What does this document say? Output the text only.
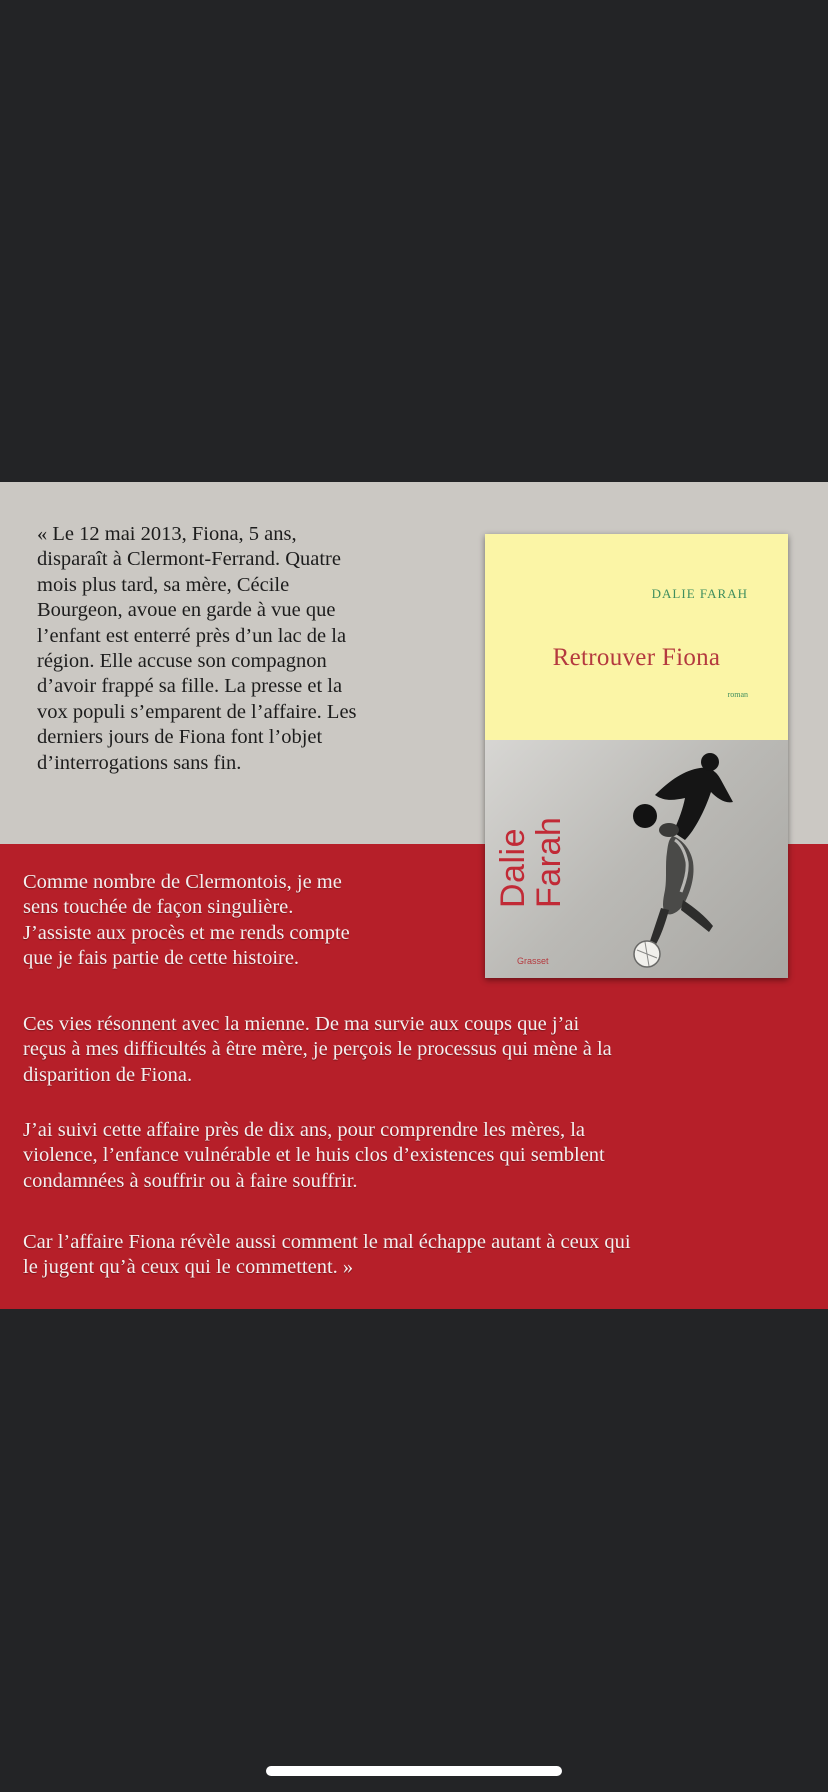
« Le 12 mai 2013, Fiona, 5 ans,
disparaît à Clermont-Ferrand. Quatre
mois plus tard, sa mère, Cécile
Bourgeon, avoue en garde à vue que
l’enfant est enterré près d’un lac de la
région. Elle accuse son compagnon
d’avoir frappé sa fille. La presse et la
vox populi s’emparent de l’affaire. Les
derniers jours de Fiona font l’objet
d’interrogations sans fin.

Comme nombre de Clermontois, je me
sens touchée de façon singulière.
J’assiste aux procès et me rends compte
que je fais partie de cette histoire.

Ces vies résonnent avec la mienne. De ma survie aux coups que j’ai
reçus à mes difficultés à être mère, je perçois le processus qui mène à la
disparition de Fiona.

J’ai suivi cette affaire près de dix ans, pour comprendre les mères, la
violence, l’enfance vulnérable et le huis clos d’existences qui semblent
condamnées à souffrir ou à faire souffrir.

Car l’affaire Fiona révèle aussi comment le mal échappe autant à ceux qui
le jugent qu’à ceux qui le commettent. »

DALIE FARAH
Retrouver Fiona
roman
Dalie
Farah
Grasset
